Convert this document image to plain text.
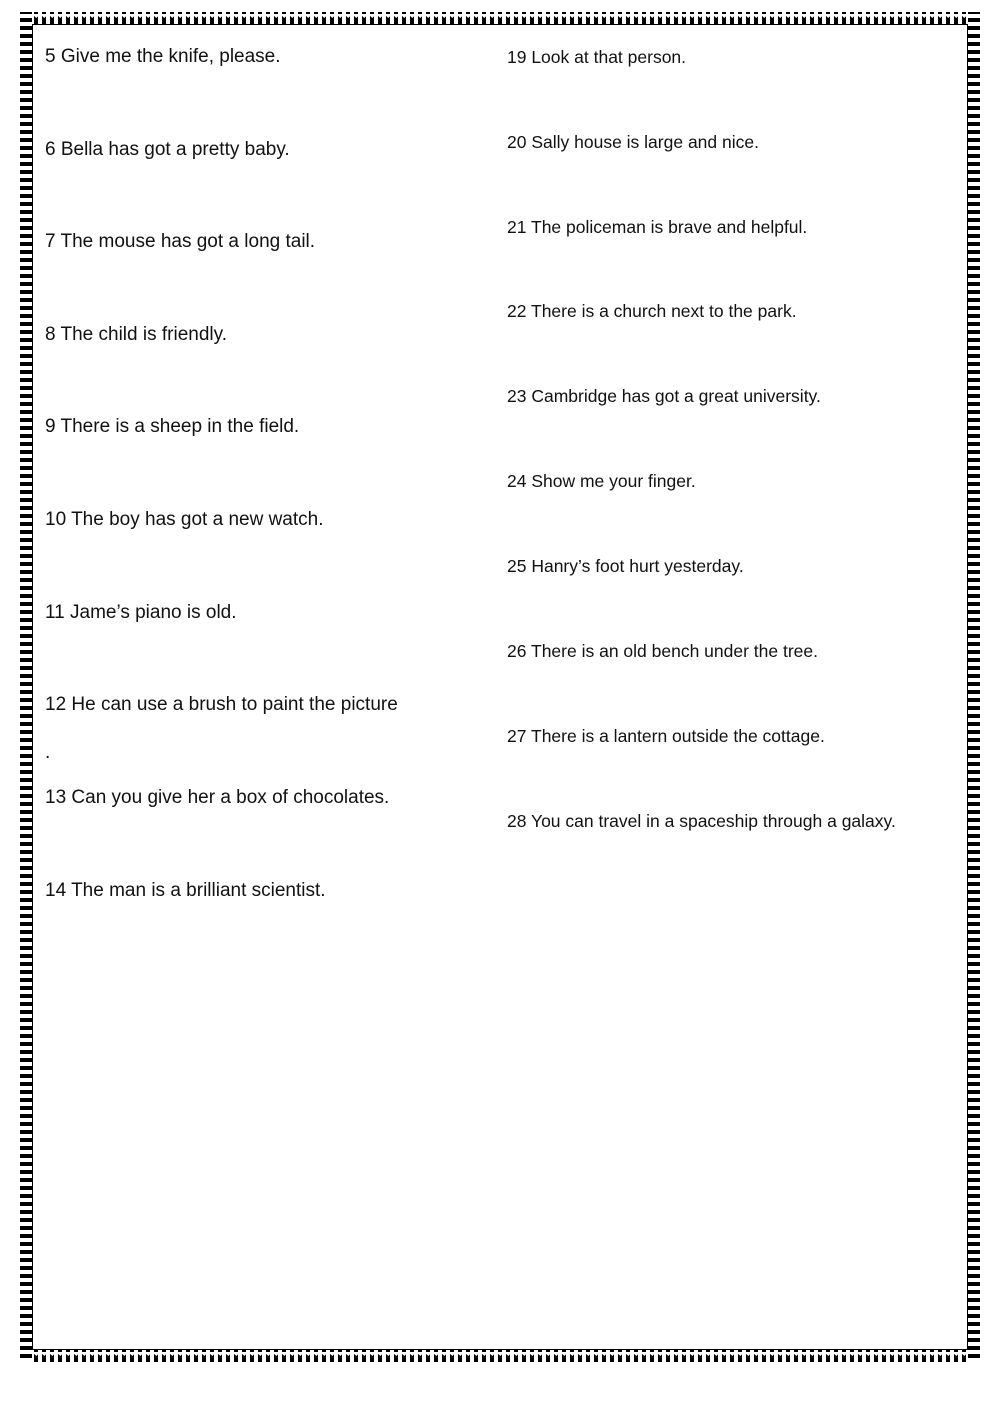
5 Give me the knife, please.
6 Bella has got a pretty baby.
7 The mouse has got a long tail.
8 The child is friendly.
9 There is a sheep in the field.
10 The boy has got a new watch.
11 Jame’s piano is old.
12 He can use a brush to paint the picture
.
13 Can you give her a box of chocolates.
14 The man is a brilliant scientist.
19 Look at that person.
20 Sally house is large and nice.
21 The policeman is brave and helpful.
22 There is a church next to the park.
23 Cambridge has got a great university.
24 Show me your finger.
25 Hanry’s foot hurt yesterday.
26 There is an old bench under the tree.
27 There is a lantern outside the cottage.
28 You can travel in a spaceship through a galaxy.
